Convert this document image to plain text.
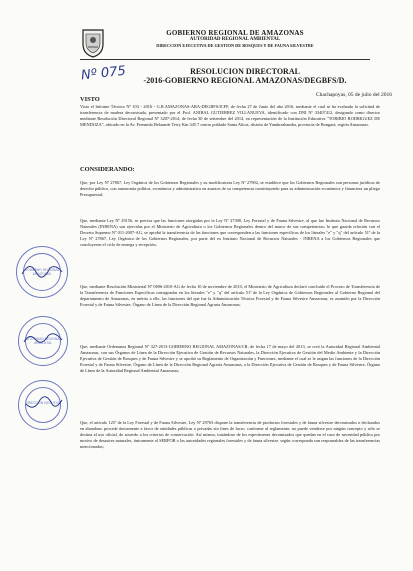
GOBIERNO REGIONAL DE AMAZONAS
AUTORIDAD REGIONAL AMBIENTAL
DIRECCION EJECUTIVA DE GESTION DE BOSQUES Y DE FAUNA SILVESTRE
Nº 075	RESOLUCION DIRECTORAL
-2016-GOBIERNO REGIONAL AMAZONAS/DEGBFS/D.
Chachapoyas, 05 de julio del 2016
VISTO
Visto el Informe Técnico Nº 103 - 2016 - G.R.AMAZONAS-ARA-DEGBFS/ICFF, de fecha 27 de Junio del año 2016, mediante el cual se ha evaluado la solicitud de transferencia de madera decomisada, presentado por el Prof. ANIBAL GUTIERREZ VILLANUEVA, identificado con DNI Nº 33407412, designado como director mediante Resolución Directoral Regional Nº 3207-2014, de fecha 30 de setiembre del 2014, en representación de la Institución Educativa "TORIBIO RODRIGUEZ DE MENDOZA", ubicado en la Av. Fernando Belaunde Terry Km 345.7 centro poblado Santa Alicia, distrito de Yambrasbamba, provincia de Bongará, región Amazonas.
CONSIDERANDO:
Que, por Ley Nº 27867, Ley Orgánica de los Gobiernos Regionales y su modificatoria Ley Nº 27902, se establece que los Gobiernos Regionales son personas jurídicas de derecho público, con autonomía política, económica y administrativa en asuntos de su competencia constituyendo para su administración económica y financiera un pliego Presupuestal;
Que, mediante Ley Nº 29156, se precisa que las funciones otorgadas por la Ley Nº 27308, Ley Forestal y de Fauna Silvestre, al que fue Instituto Nacional de Recursos Naturales (INRENA) son ejercidas por el Ministerio de Agricultura o los Gobiernos Regionales dentro del marco de sus competencias; lo que guarda relación con el Decreto Supremo Nº 011-2007-AG, se aprobó la transferencia de las funciones que corresponden a las funciones específicas de los literales "e" y "q" del artículo 51º de la Ley Nº 27867, Ley Orgánica de los Gobiernos Regionales, por parte del ex Instituto Nacional de Recursos Naturales - INRENA a los Gobiernos Regionales que concluyeron el ciclo de entrega y recepción;
Que, mediante Resolución Ministerial Nº 0696-2010-AG de fecha 10 de noviembre de 2010, el Ministerio de Agricultura declaró concluido el Proceso de Transferencia de la Transferencia de Funciones Específicas consignadas en los literales "e" y "q" del artículo 51º de la Ley Orgánica de Gobiernos Regionales al Gobierno Regional del departamento de Amazonas, en mérito a ello, las funciones del que fue la Administración Técnica Forestal y de Fauna Silvestre Amazonas, es asumido por la Dirección Forestal y de Fauna Silvestre, Órgano de Línea de la Dirección Regional Agraria Amazonas;
Que, mediante Ordenanza Regional Nº 327-2013-GOBIERNO REGIONAL AMAZONAS/CR, de fecha 17 de mayo del 2013, se creó la Autoridad Regional Ambiental Amazonas, con sus Órganos de Línea de la Dirección Ejecutiva de Gestión de Recursos Naturales, la Dirección Ejecutiva de Gestión del Medio Ambiente y la Dirección Ejecutiva de Gestión de Bosques y de Fauna Silvestre y se aprobó su Reglamento de Organización y Funciones, mediante el cual se le asigna las funciones de la Dirección Forestal y de Fauna Silvestre, Órgano de Línea de la Dirección Regional Agraria Amazonas, a la Dirección Ejecutiva de Gestión de Bosques y de Fauna Silvestre, Órgano de Línea de la Autoridad Regional Ambiental Amazonas;
Que, el artículo 125º de la Ley Forestal y de Fauna Silvestre, Ley Nº 29763 dispone la transferencia de productos forestales y de fauna silvestre decomisados o declarados en abandono procede únicamente a favor de entidades públicas o privadas sin fines de lucro, conforme al reglamento; no puede venderse por ningún concepto y sólo se destina al uso oficial, de acuerdo a los criterios de conservación. Así mismo, tratándose de los especímenes decomisados que quedan en el caso de necesidad pública por motivo de desastres naturales, únicamente al SERFOR o las autoridades regionales forestales y de fauna silvestre, según corresponda son responsables de las transferencias mencionadas;
GOBIERNO REGIONAL AMAZONAS
AUTORIDAD REGIONAL AMBIENTAL
DIRECCION EJECUTIVA
